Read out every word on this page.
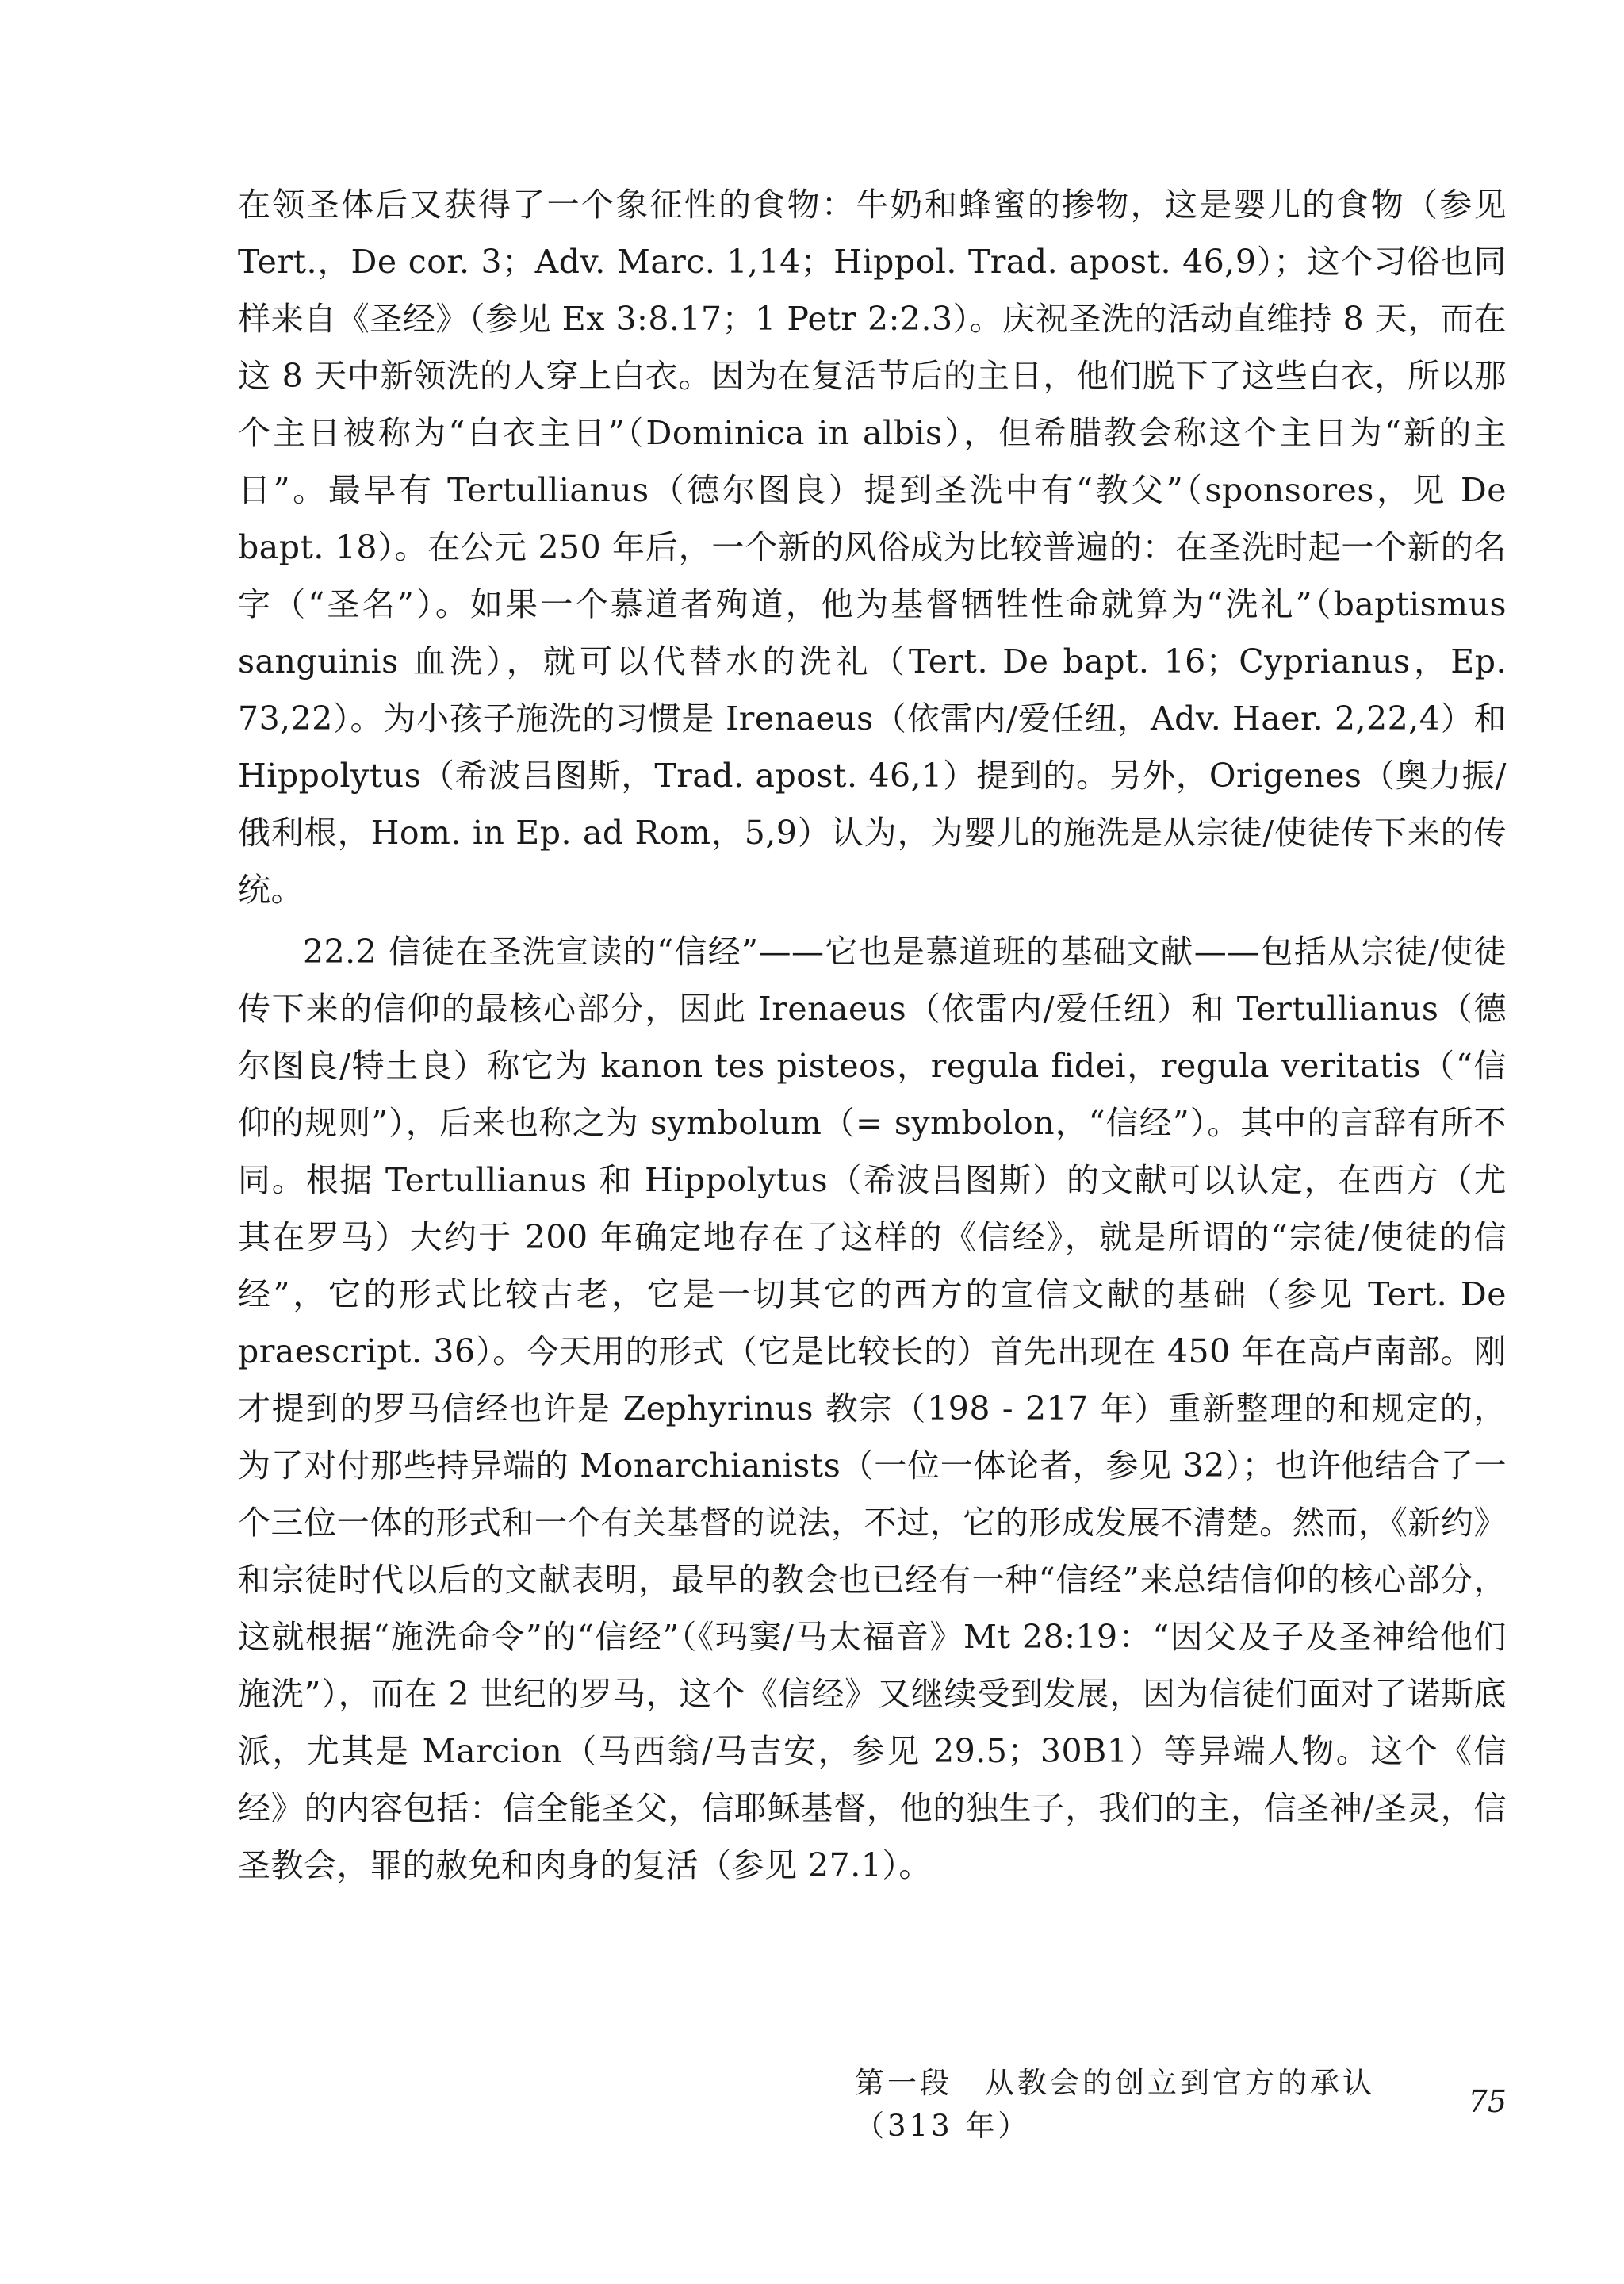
在领圣体后又获得了一个象征性的食物：牛奶和蜂蜜的掺物，这是婴儿的食物（参见 Tert.，De cor. 3；Adv. Marc. 1,14；Hippol. Trad. apost. 46,9）；这个习俗也同样来自《圣经》（参见 Ex 3:8.17；1 Petr 2:2.3）。庆祝圣洗的活动直维持 8 天，而在这 8 天中新领洗的人穿上白衣。因为在复活节后的主日，他们脱下了这些白衣，所以那个主日被称为“白衣主日”（Dominica in albis），但希腊教会称这个主日为“新的主日”。最早有 Tertullianus（德尔图良）提到圣洗中有“教父”（sponsores，见 De bapt. 18）。在公元 250 年后，一个新的风俗成为比较普遍的：在圣洗时起一个新的名字（“圣名”）。如果一个慕道者殉道，他为基督牺牲性命就算为“洗礼”（baptismus sanguinis 血洗），就可以代替水的洗礼（Tert. De bapt. 16；Cyprianus，Ep. 73,22）。为小孩子施洗的习惯是 Irenaeus（依雷内/爱任纽，Adv. Haer. 2,22,4）和 Hippolytus（希波吕图斯，Trad. apost. 46,1）提到的。另外，Origenes（奥力振/俄利根，Hom. in Ep. ad Rom，5,9）认为，为婴儿的施洗是从宗徒/使徒传下来的传统。

22.2 信徒在圣洗宣读的“信经”——它也是慕道班的基础文献——包括从宗徒/使徒传下来的信仰的最核心部分，因此 Irenaeus（依雷内/爱任纽）和 Tertullianus（德尔图良/特土良）称它为 kanon tes pisteos，regula fidei，regula veritatis（“信仰的规则”），后来也称之为 symbolum（= symbolon，“信经”）。其中的言辞有所不同。根据 Tertullianus 和 Hippolytus（希波吕图斯）的文献可以认定，在西方（尤其在罗马）大约于 200 年确定地存在了这样的《信经》，就是所谓的“宗徒/使徒的信经”，它的形式比较古老，它是一切其它的西方的宣信文献的基础（参见 Tert. De praescript. 36）。今天用的形式（它是比较长的）首先出现在 450 年在高卢南部。刚才提到的罗马信经也许是 Zephyrinus 教宗（198 - 217 年）重新整理的和规定的，为了对付那些持异端的 Monarchianists（一位一体论者，参见 32）；也许他结合了一个三位一体的形式和一个有关基督的说法，不过，它的形成发展不清楚。然而，《新约》和宗徒时代以后的文献表明，最早的教会也已经有一种“信经”来总结信仰的核心部分，这就根据“施洗命令”的“信经”（《玛窦/马太福音》Mt 28:19：“因父及子及圣神给他们施洗”），而在 2 世纪的罗马，这个《信经》又继续受到发展，因为信徒们面对了诺斯底派，尤其是 Marcion（马西翁/马吉安，参见 29.5；30B1）等异端人物。这个《信经》的内容包括：信全能圣父，信耶稣基督，他的独生子，我们的主，信圣神/圣灵，信圣教会，罪的赦免和肉身的复活（参见 27.1）。

第一段　从教会的创立到官方的承认（313 年）
75
